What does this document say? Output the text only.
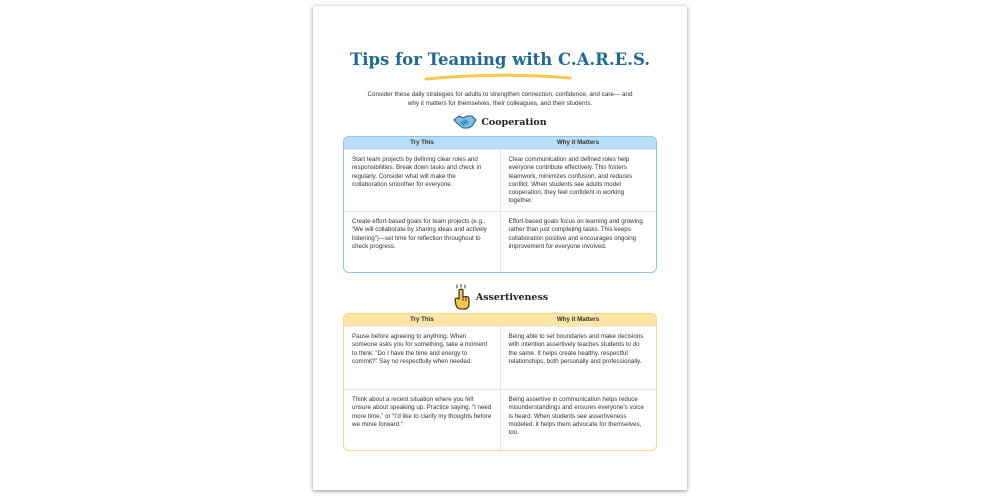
Tips for Teaming with C.A.R.E.S.
Consider these daily strategies for adults to strengthen connection, confidence, and care— and why it matters for themselves, their colleagues, and their students.
Cooperation
Try This	Why it Matters
Start team projects by defining clear roles and responsibilities. Break down tasks and check in regularly. Consider what will make the collaboration smoother for everyone.
Clear communication and defined roles help everyone contribute effectively. This fosters teamwork, minimizes confusion, and reduces conflict. When students see adults model cooperation, they feel confident in working together.
Create effort-based goals for team projects (e.g., “We will collaborate by sharing ideas and actively listening”)—set time for reflection throughout to check progress.
Effort-based goals focus on learning and growing rather than just completing tasks. This keeps collaboration positive and encourages ongoing improvement for everyone involved.
Assertiveness
Try This	Why it Matters
Pause before agreeing to anything. When someone asks you for something, take a moment to think: “Do I have the time and energy to commit?” Say no respectfully when needed.
Being able to set boundaries and make decisions with intention assertively teaches students to do the same. It helps create healthy, respectful relationships, both personally and professionally.
Think about a recent situation where you felt unsure about speaking up. Practice saying, “I need more time,” or “I’d like to clarify my thoughts before we move forward.”
Being assertive in communication helps reduce misunderstandings and ensures everyone’s voice is heard. When students see assertiveness modeled, it helps them advocate for themselves, too.
